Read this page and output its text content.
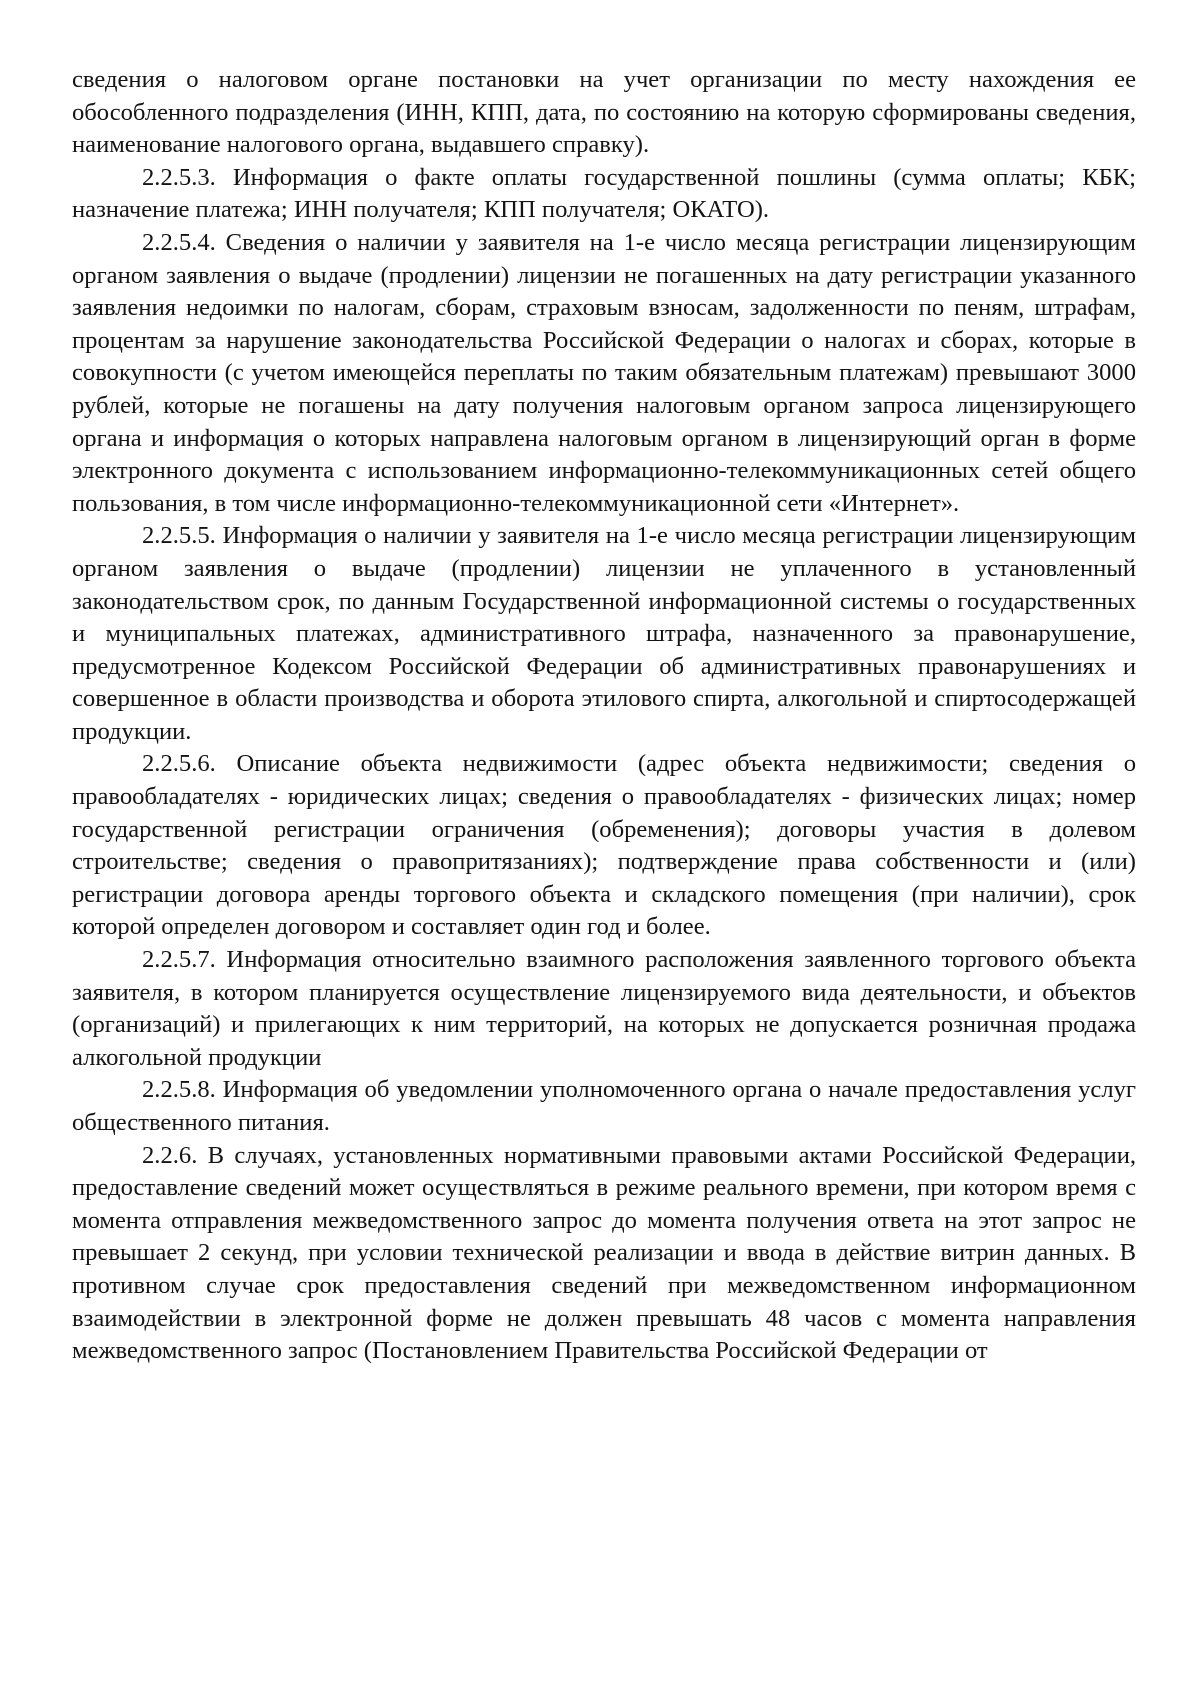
сведения о налоговом органе постановки на учет организации по месту нахождения ее обособленного подразделения (ИНН, КПП, дата, по состоянию на которую сформированы сведения, наименование налогового органа, выдавшего справку).

2.2.5.3. Информация о факте оплаты государственной пошлины (сумма оплаты; КБК; назначение платежа; ИНН получателя; КПП получателя; ОКАТО).

2.2.5.4. Сведения о наличии у заявителя на 1-е число месяца регистрации лицензирующим органом заявления о выдаче (продлении) лицензии не погашенных на дату регистрации указанного заявления недоимки по налогам, сборам, страховым взносам, задолженности по пеням, штрафам, процентам за нарушение законодательства Российской Федерации о налогах и сборах, которые в совокупности (с учетом имеющейся переплаты по таким обязательным платежам) превышают 3000 рублей, которые не погашены на дату получения налоговым органом запроса лицензирующего органа и информация о которых направлена налоговым органом в лицензирующий орган в форме электронного документа с использованием информационно-телекоммуникационных сетей общего пользования, в том числе информационно-телекоммуникационной сети «Интернет».

2.2.5.5. Информация о наличии у заявителя на 1-е число месяца регистрации лицензирующим органом заявления о выдаче (продлении) лицензии не уплаченного в установленный законодательством срок, по данным Государственной информационной системы о государственных и муниципальных платежах, административного штрафа, назначенного за правонарушение, предусмотренное Кодексом Российской Федерации об административных правонарушениях и совершенное в области производства и оборота этилового спирта, алкогольной и спиртосодержащей продукции.

2.2.5.6. Описание объекта недвижимости (адрес объекта недвижимости; сведения о правообладателях - юридических лицах; сведения о правообладателях - физических лицах; номер государственной регистрации ограничения (обременения); договоры участия в долевом строительстве; сведения о правопритязаниях); подтверждение права собственности и (или) регистрации договора аренды торгового объекта и складского помещения (при наличии), срок которой определен договором и составляет один год и более.

2.2.5.7. Информация относительно взаимного расположения заявленного торгового объекта заявителя, в котором планируется осуществление лицензируемого вида деятельности, и объектов (организаций) и прилегающих к ним территорий, на которых не допускается розничная продажа алкогольной продукции

2.2.5.8. Информация об уведомлении уполномоченного органа о начале предоставления услуг общественного питания.

2.2.6. В случаях, установленных нормативными правовыми актами Российской Федерации, предоставление сведений может осуществляться в режиме реального времени, при котором время с момента отправления межведомственного запрос до момента получения ответа на этот запрос не превышает 2 секунд, при условии технической реализации и ввода в действие витрин данных. В противном случае срок предоставления сведений при межведомственном информационном взаимодействии в электронной форме не должен превышать 48 часов с момента направления межведомственного запрос (Постановлением Правительства Российской Федерации от
